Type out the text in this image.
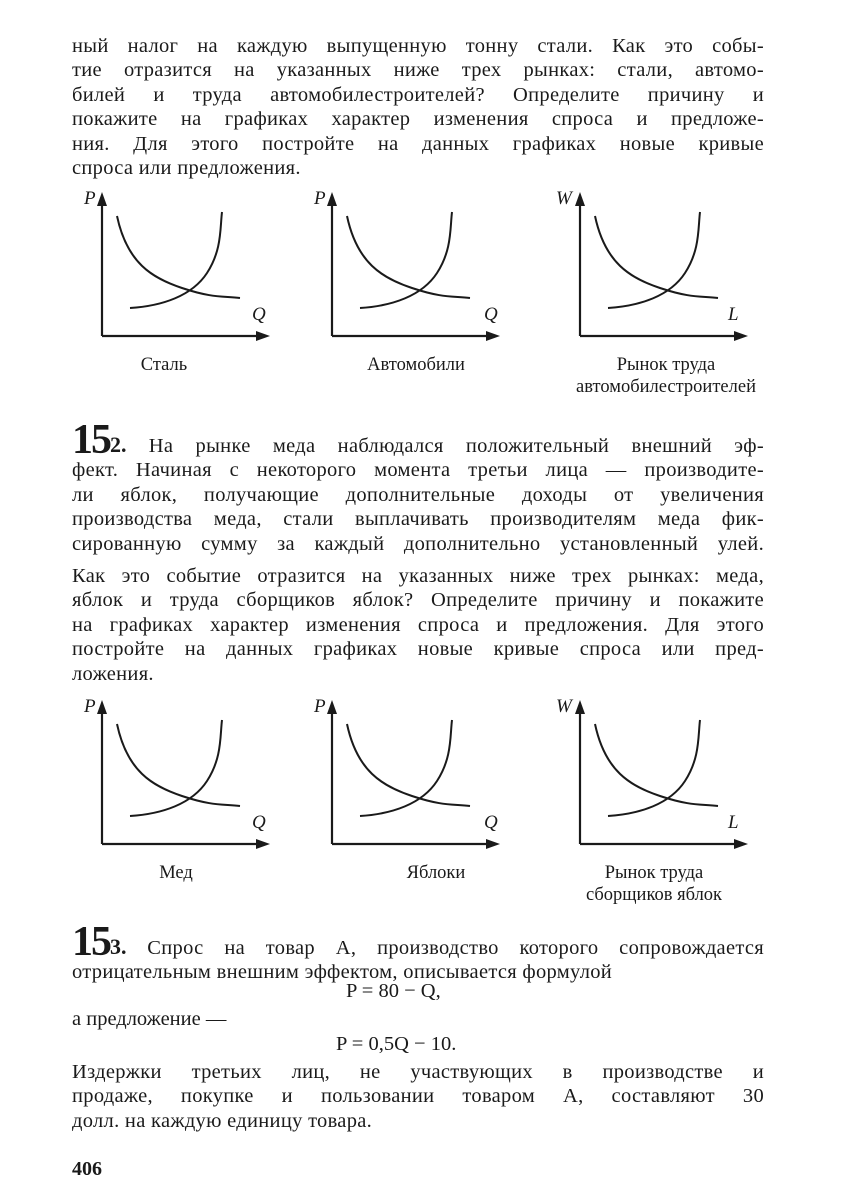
ный налог на каждую выпущенную тонну стали. Как это собы-
тие отразится на указанных ниже трех рынках: стали, автомо-
билей и труда автомобилестроителей? Определите причину и
покажите на графиках характер изменения спроса и предложе-
ния. Для этого постройте на данных графиках новые кривые
спроса или предложения.
P
Q
P
Q
W
L
Сталь	Автомобили	Рынок труда
автомобилестроителей
152. На рынке меда наблюдался положительный внешний эф-
фект. Начиная с некоторого момента третьи лица — производите-
ли яблок, получающие дополнительные доходы от увеличения
производства меда, стали выплачивать производителям меда фик-
сированную сумму за каждый дополнительно установленный улей.
Как это событие отразится на указанных ниже трех рынках: меда,
яблок и труда сборщиков яблок? Определите причину и покажите
на графиках характер изменения спроса и предложения. Для этого
постройте на данных графиках новые кривые спроса или пред-
ложения.
P
Q
P
Q
W
L
Мед	Яблоки	Рынок труда
сборщиков яблок
153. Спрос на товар А, производство которого сопровождается
отрицательным внешним эффектом, описывается формулой
P = 80 − Q,
а предложение —
P = 0,5Q − 10.
Издержки третьих лиц, не участвующих в производстве и
продаже, покупке и пользовании товаром А, составляют 30
долл. на каждую единицу товара.
406
